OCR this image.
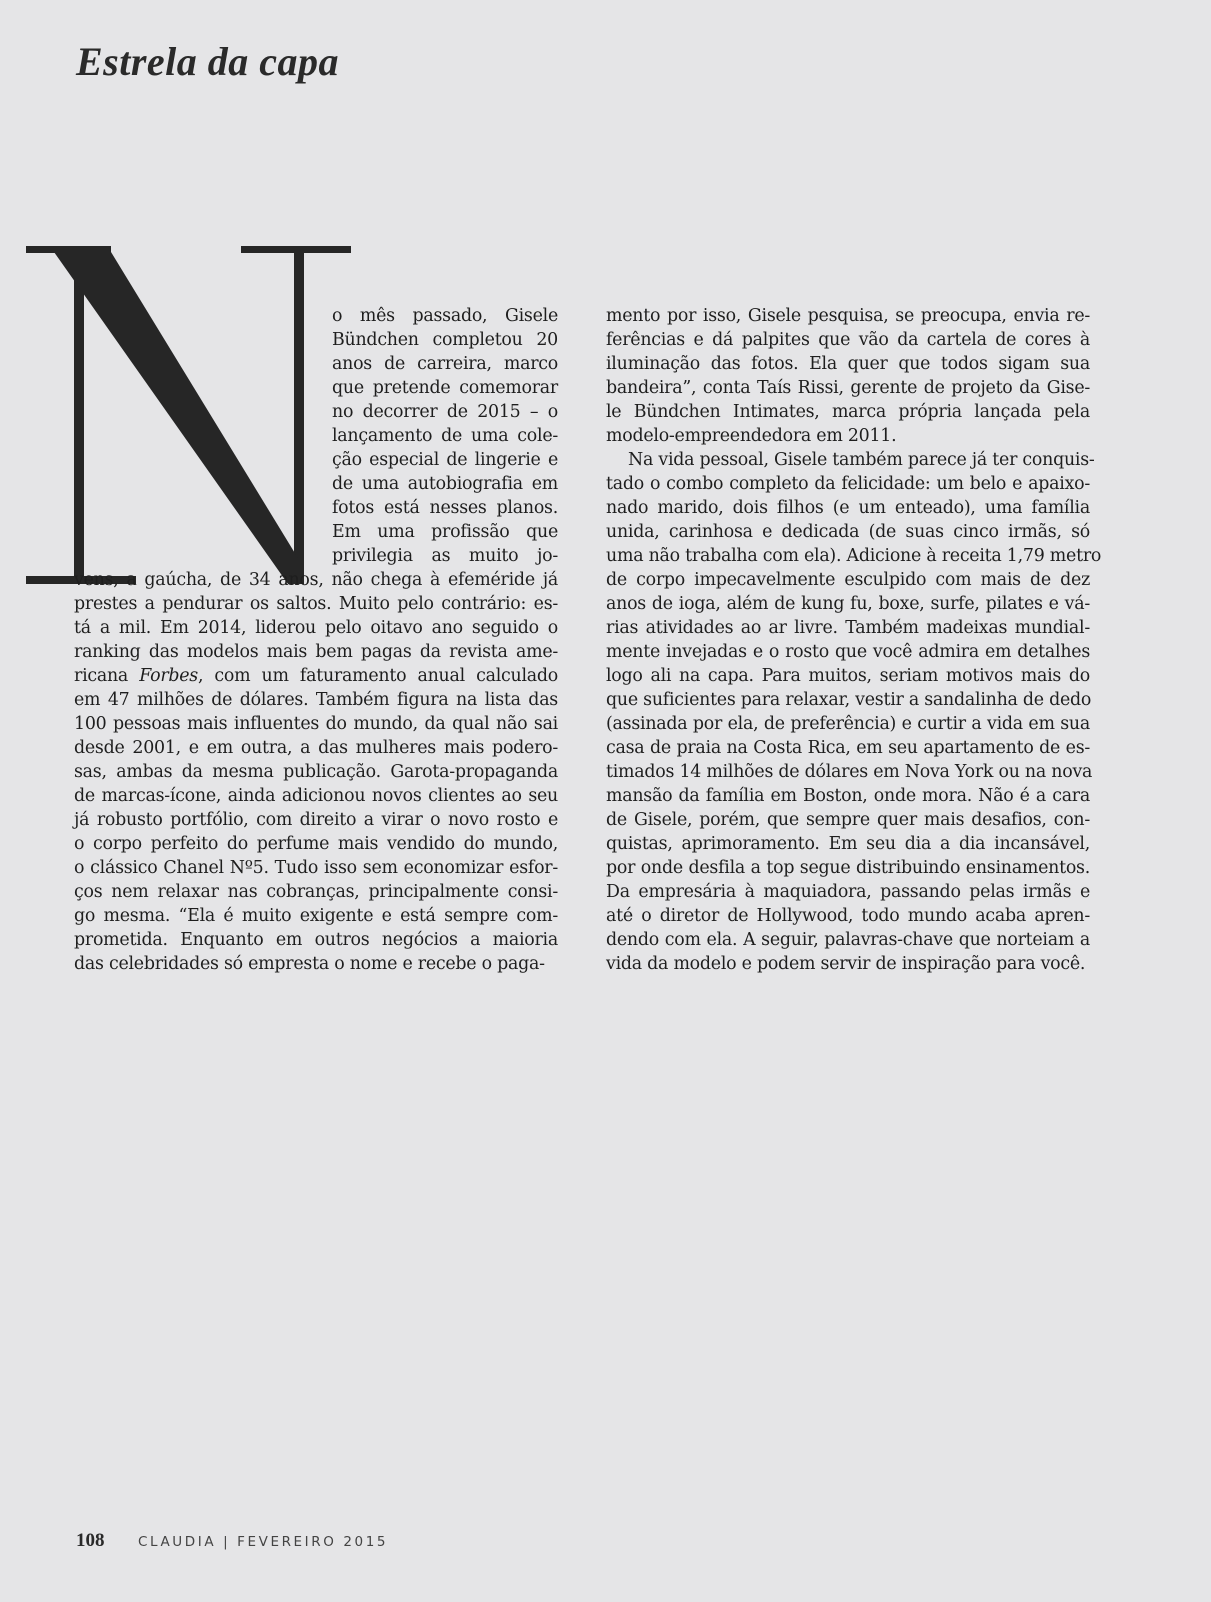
Estrela da capa

o mês passado, Gisele

Bündchen completou 20

anos de carreira, marco

que pretende comemorar

no decorrer de 2015 – o

lançamento de uma cole-

ção especial de lingerie e

de uma autobiografia em

fotos está nesses planos.

Em uma profissão que

privilegia as muito jo-

vens, a gaúcha, de 34 anos, não chega à efeméride já

prestes a pendurar os saltos. Muito pelo contrário: es-

tá a mil. Em 2014, liderou pelo oitavo ano seguido o

ranking das modelos mais bem pagas da revista ame-

ricana Forbes, com um faturamento anual calculado

em 47 milhões de dólares. Também figura na lista das

100 pessoas mais influentes do mundo, da qual não sai

desde 2001, e em outra, a das mulheres mais podero-

sas, ambas da mesma publicação. Garota-propaganda

de marcas-ícone, ainda adicionou novos clientes ao seu

já robusto portfólio, com direito a virar o novo rosto e

o corpo perfeito do perfume mais vendido do mundo,

o clássico Chanel Nº5. Tudo isso sem economizar esfor-

ços nem relaxar nas cobranças, principalmente consi-

go mesma. “Ela é muito exigente e está sempre com-

prometida. Enquanto em outros negócios a maioria

das celebridades só empresta o nome e recebe o paga-

mento por isso, Gisele pesquisa, se preocupa, envia re-

ferências e dá palpites que vão da cartela de cores à

iluminação das fotos. Ela quer que todos sigam sua

bandeira”, conta Taís Rissi, gerente de projeto da Gise-

le Bündchen Intimates, marca própria lançada pela

modelo-empreendedora em 2011.

Na vida pessoal, Gisele também parece já ter conquis-

tado o combo completo da felicidade: um belo e apaixo-

nado marido, dois filhos (e um enteado), uma família

unida, carinhosa e dedicada (de suas cinco irmãs, só

uma não trabalha com ela). Adicione à receita 1,79 metro

de corpo impecavelmente esculpido com mais de dez

anos de ioga, além de kung fu, boxe, surfe, pilates e vá-

rias atividades ao ar livre. Também madeixas mundial-

mente invejadas e o rosto que você admira em detalhes

logo ali na capa. Para muitos, seriam motivos mais do

que suficientes para relaxar, vestir a sandalinha de dedo

(assinada por ela, de preferência) e curtir a vida em sua

casa de praia na Costa Rica, em seu apartamento de es-

timados 14 milhões de dólares em Nova York ou na nova

mansão da família em Boston, onde mora. Não é a cara

de Gisele, porém, que sempre quer mais desafios, con-

quistas, aprimoramento. Em seu dia a dia incansável,

por onde desfila a top segue distribuindo ensinamentos.

Da empresária à maquiadora, passando pelas irmãs e

até o diretor de Hollywood, todo mundo acaba apren-

dendo com ela. A seguir, palavras-chave que norteiam a

vida da modelo e podem servir de inspiração para você.

108 CLAUDIA | FEVEREIRO 2015
